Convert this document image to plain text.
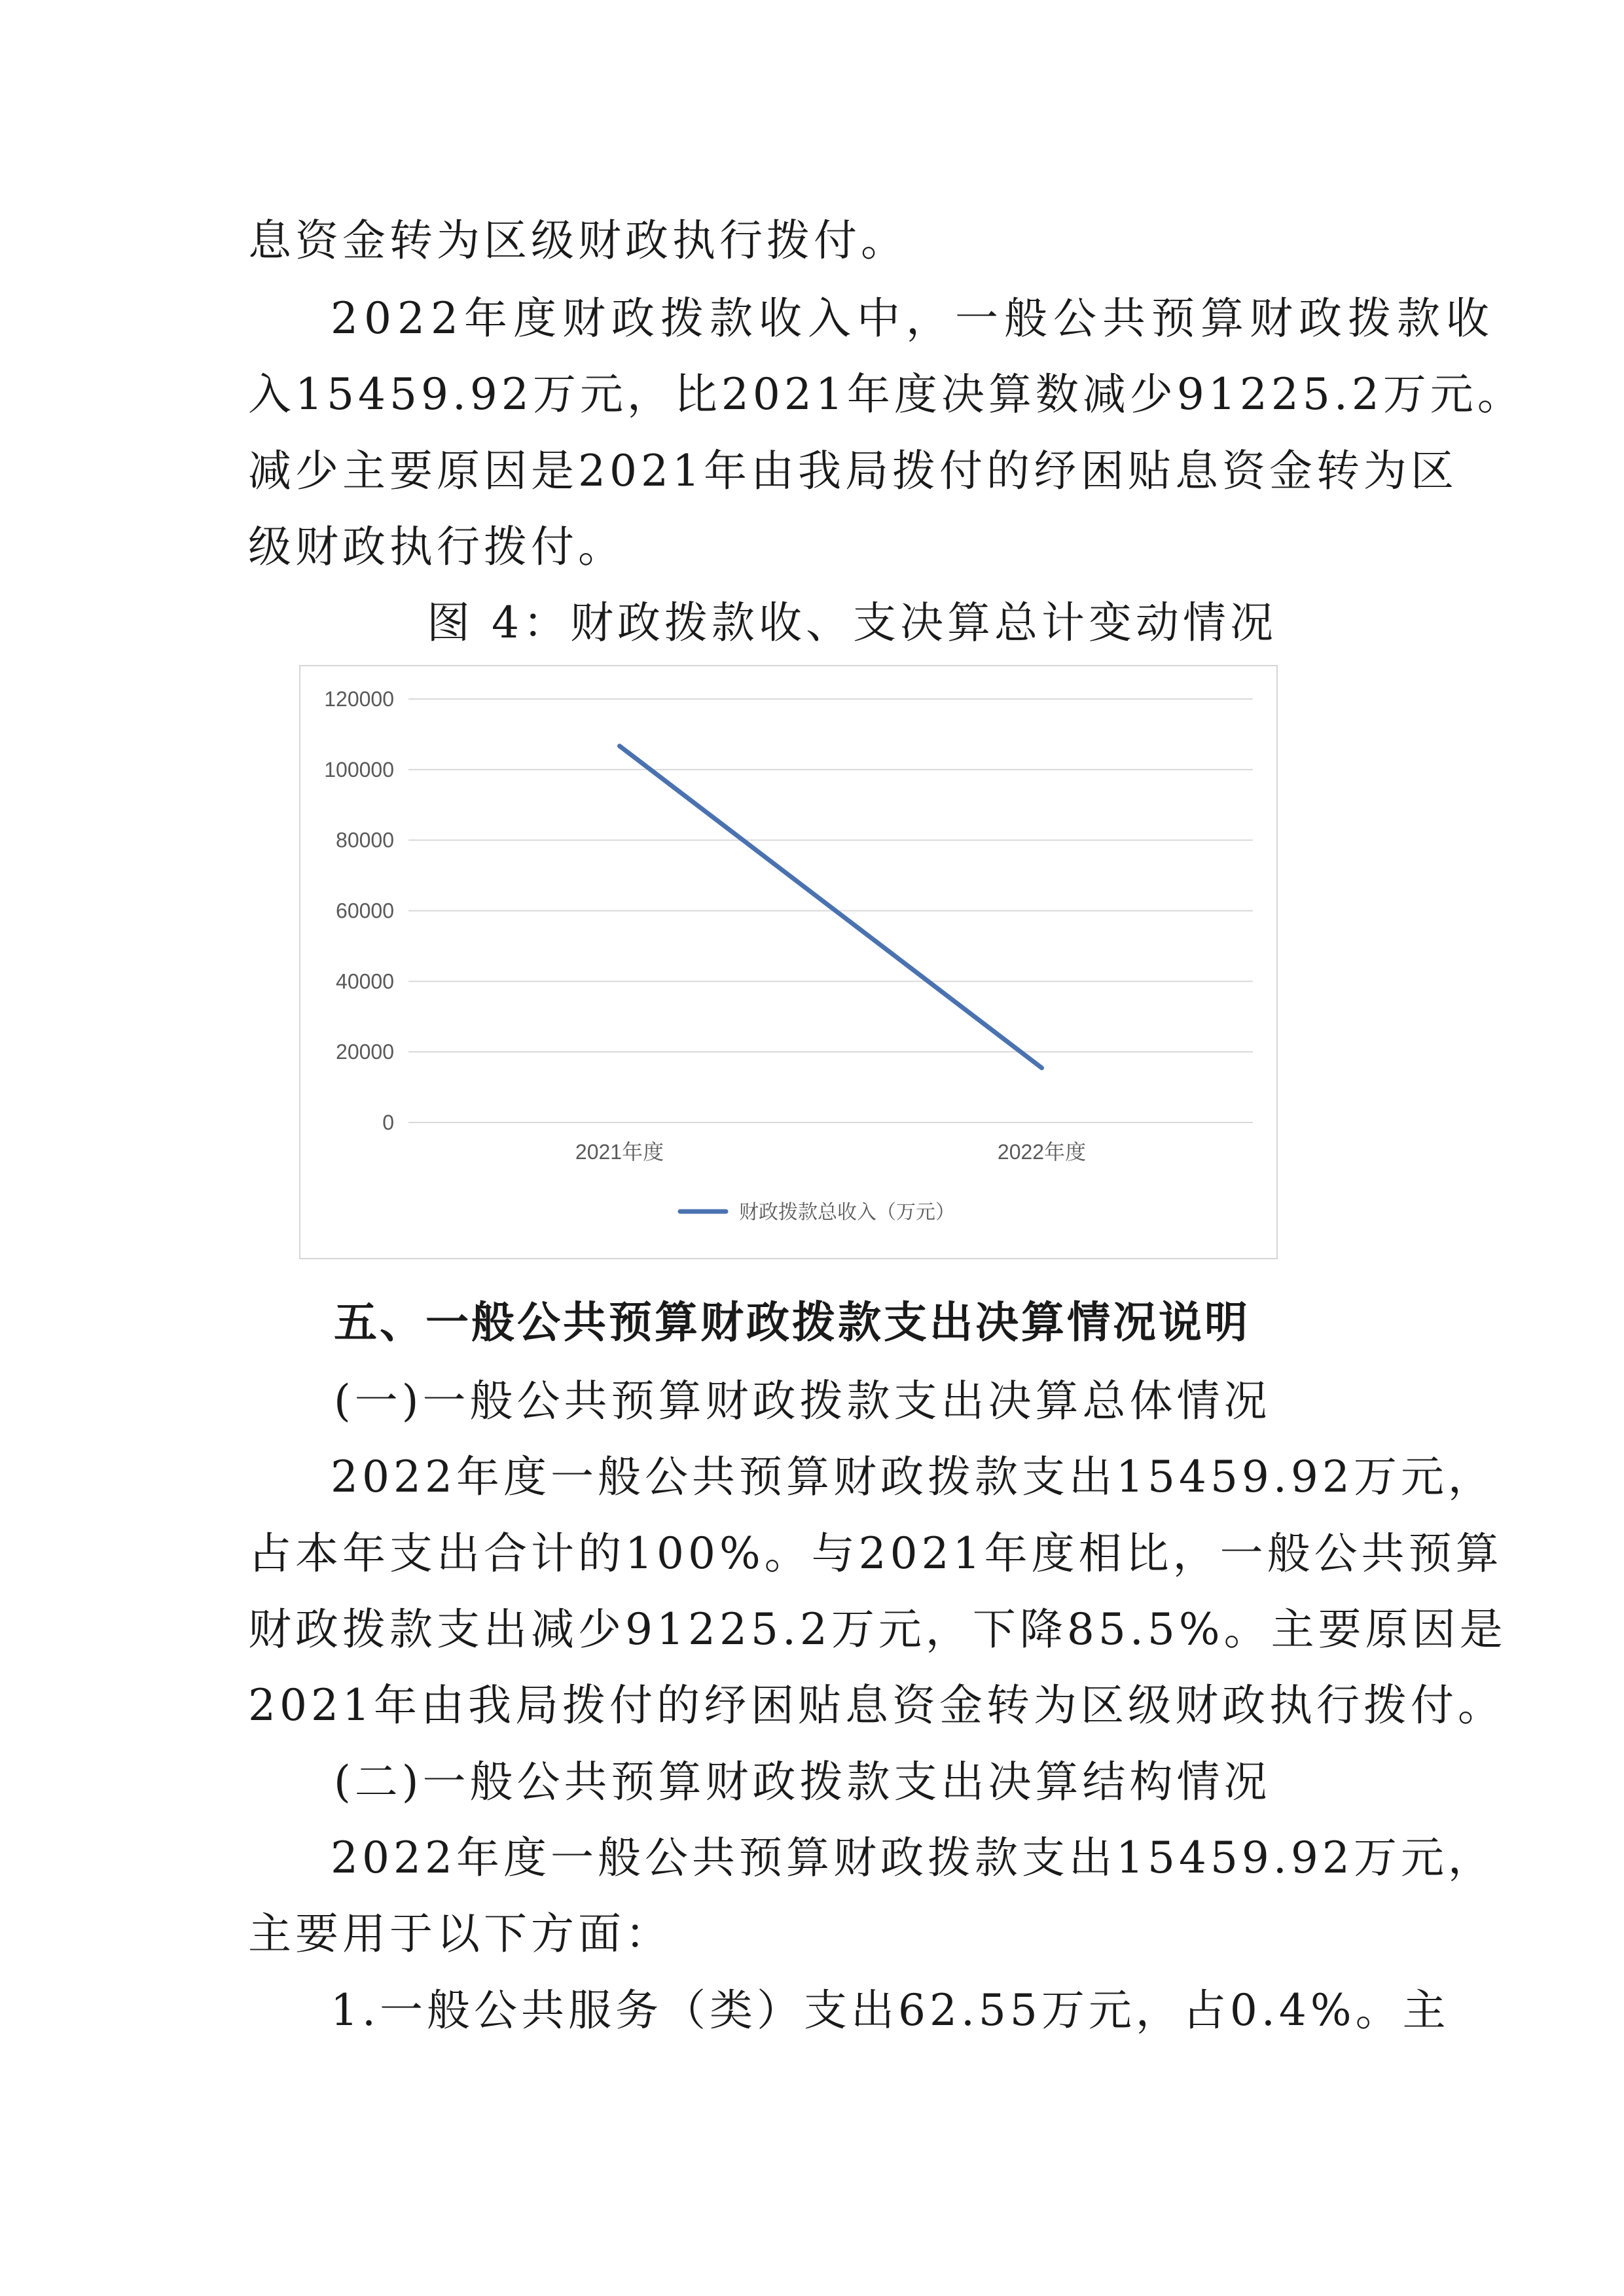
息资金转为区级财政执行拨付。

2022年度财政拨款收入中，一般公共预算财政拨款收

入15459.92万元，比2021年度决算数减少91225.2万元。

减少主要原因是2021年由我局拨付的纾困贴息资金转为区

级财政执行拨付。

图 4：财政拨款收、支决算总计变动情况

0
20000
40000
60000
80000
100000
120000
2021年度	2022年度
财政拨款总收入（万元）

五、一般公共预算财政拨款支出决算情况说明

(一)一般公共预算财政拨款支出决算总体情况

2022年度一般公共预算财政拨款支出15459.92万元，

占本年支出合计的100%。与2021年度相比，一般公共预算

财政拨款支出减少91225.2万元，下降85.5%。主要原因是

2021年由我局拨付的纾困贴息资金转为区级财政执行拨付。

(二)一般公共预算财政拨款支出决算结构情况

2022年度一般公共预算财政拨款支出15459.92万元，

主要用于以下方面：

1.一般公共服务（类）支出62.55万元，占0.4%。主
